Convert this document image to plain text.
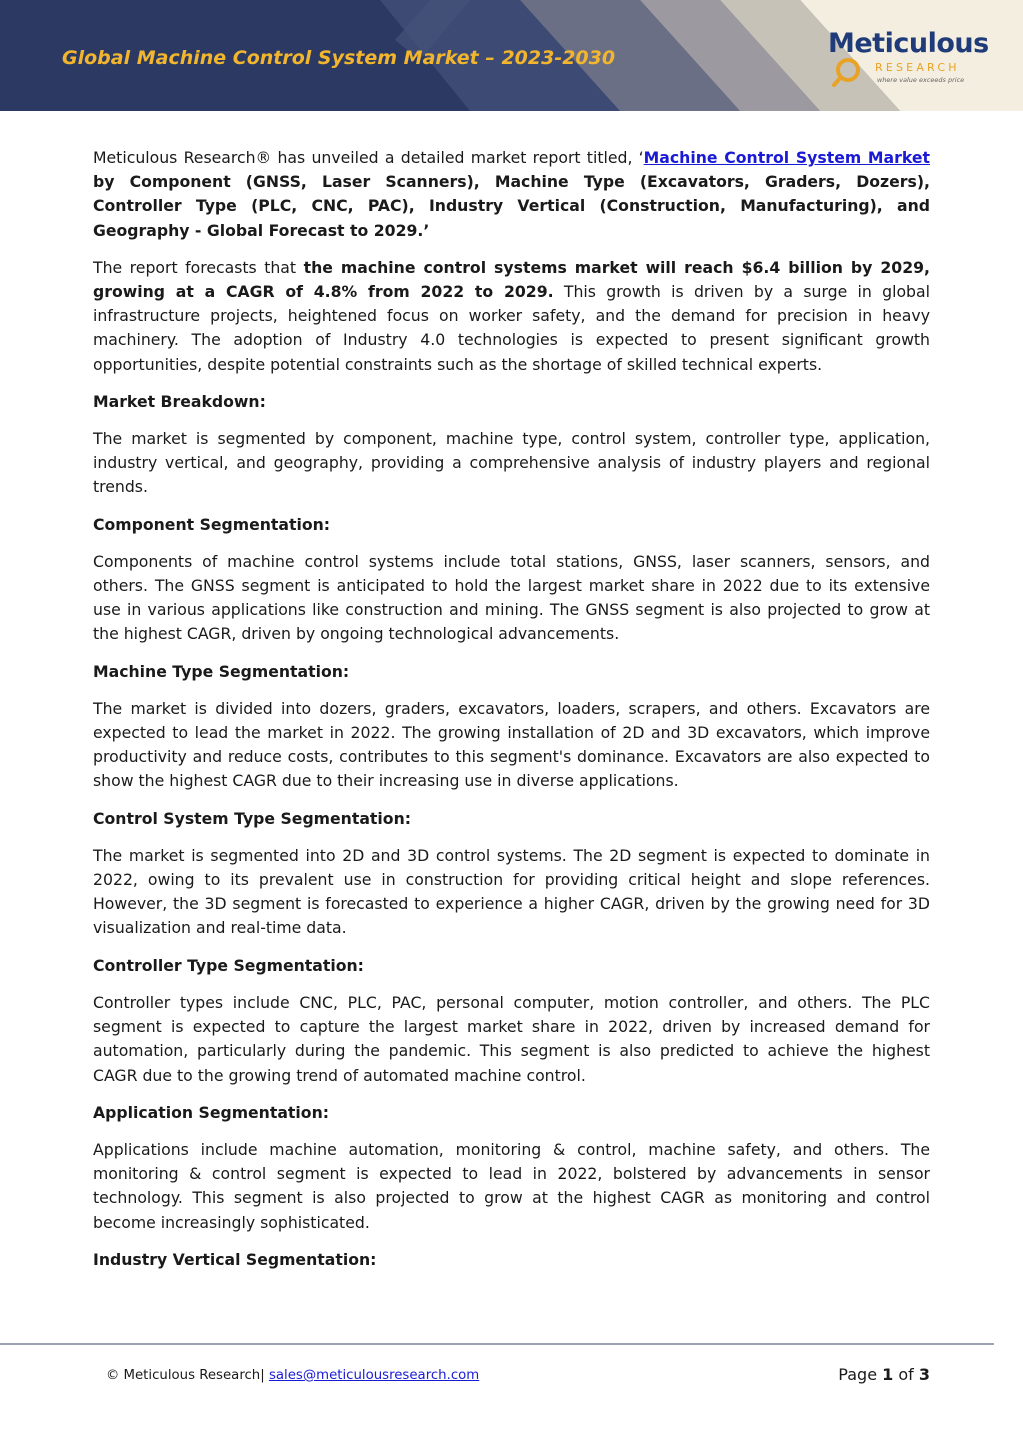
Global Machine Control System Market – 2023-2030	Meticulous
RESEARCH
where value exceeds price

Meticulous Research® has unveiled a detailed market report titled, ‘Machine Control System Market by Component (GNSS, Laser Scanners), Machine Type (Excavators, Graders, Dozers), Controller Type (PLC, CNC, PAC), Industry Vertical (Construction, Manufacturing), and Geography - Global Forecast to 2029.’

The report forecasts that the machine control systems market will reach $6.4 billion by 2029, growing at a CAGR of 4.8% from 2022 to 2029. This growth is driven by a surge in global infrastructure projects, heightened focus on worker safety, and the demand for precision in heavy machinery. The adoption of Industry 4.0 technologies is expected to present significant growth opportunities, despite potential constraints such as the shortage of skilled technical experts.

Market Breakdown:

The market is segmented by component, machine type, control system, controller type, application, industry vertical, and geography, providing a comprehensive analysis of industry players and regional trends.

Component Segmentation:

Components of machine control systems include total stations, GNSS, laser scanners, sensors, and others. The GNSS segment is anticipated to hold the largest market share in 2022 due to its extensive use in various applications like construction and mining. The GNSS segment is also projected to grow at the highest CAGR, driven by ongoing technological advancements.

Machine Type Segmentation:

The market is divided into dozers, graders, excavators, loaders, scrapers, and others. Excavators are expected to lead the market in 2022. The growing installation of 2D and 3D excavators, which improve productivity and reduce costs, contributes to this segment's dominance. Excavators are also expected to show the highest CAGR due to their increasing use in diverse applications.

Control System Type Segmentation:

The market is segmented into 2D and 3D control systems. The 2D segment is expected to dominate in 2022, owing to its prevalent use in construction for providing critical height and slope references. However, the 3D segment is forecasted to experience a higher CAGR, driven by the growing need for 3D visualization and real-time data.

Controller Type Segmentation:

Controller types include CNC, PLC, PAC, personal computer, motion controller, and others. The PLC segment is expected to capture the largest market share in 2022, driven by increased demand for automation, particularly during the pandemic. This segment is also predicted to achieve the highest CAGR due to the growing trend of automated machine control.

Application Segmentation:

Applications include machine automation, monitoring & control, machine safety, and others. The monitoring & control segment is expected to lead in 2022, bolstered by advancements in sensor technology. This segment is also projected to grow at the highest CAGR as monitoring and control become increasingly sophisticated.

Industry Vertical Segmentation:
© Meticulous Research| sales@meticulousresearch.com	Page 1 of 3
